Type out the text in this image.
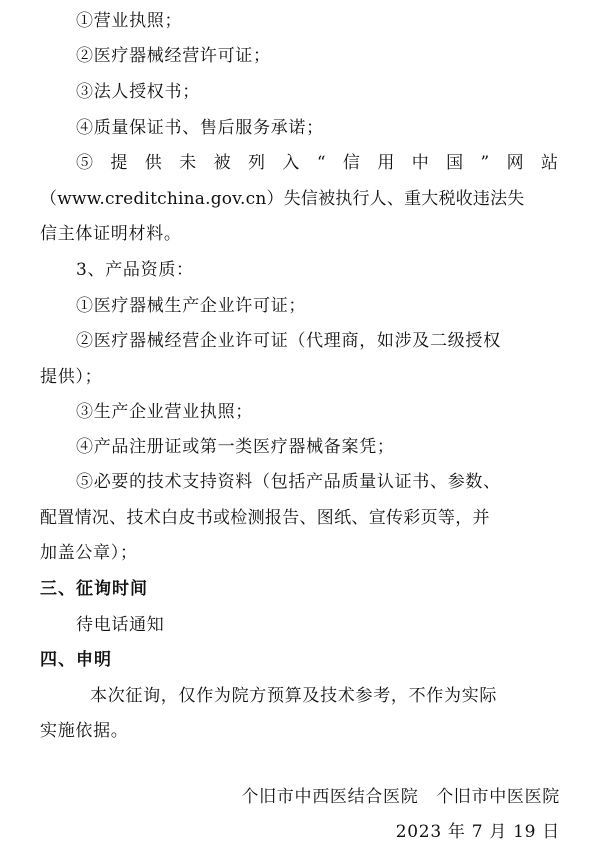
①营业执照；
②医疗器械经营许可证；
③法人授权书；
④质量保证书、售后服务承诺；
⑤ 提 供 未 被 列 入 “ 信 用 中 国 ” 网 站
（www.creditchina.gov.cn）失信被执行人、重大税收违法失
信主体证明材料。
3、产品资质：
①医疗器械生产企业许可证；
②医疗器械经营企业许可证（代理商，如涉及二级授权
提供）；
③生产企业营业执照；
④产品注册证或第一类医疗器械备案凭；
⑤必要的技术支持资料（包括产品质量认证书、参数、
配置情况、技术白皮书或检测报告、图纸、宣传彩页等，并
加盖公章）；
三、征询时间
待电话通知
四、申明
本次征询，仅作为院方预算及技术参考，不作为实际
实施依据。
个旧市中西医结合医院　个旧市中医医院
2023 年 7 月 19 日
